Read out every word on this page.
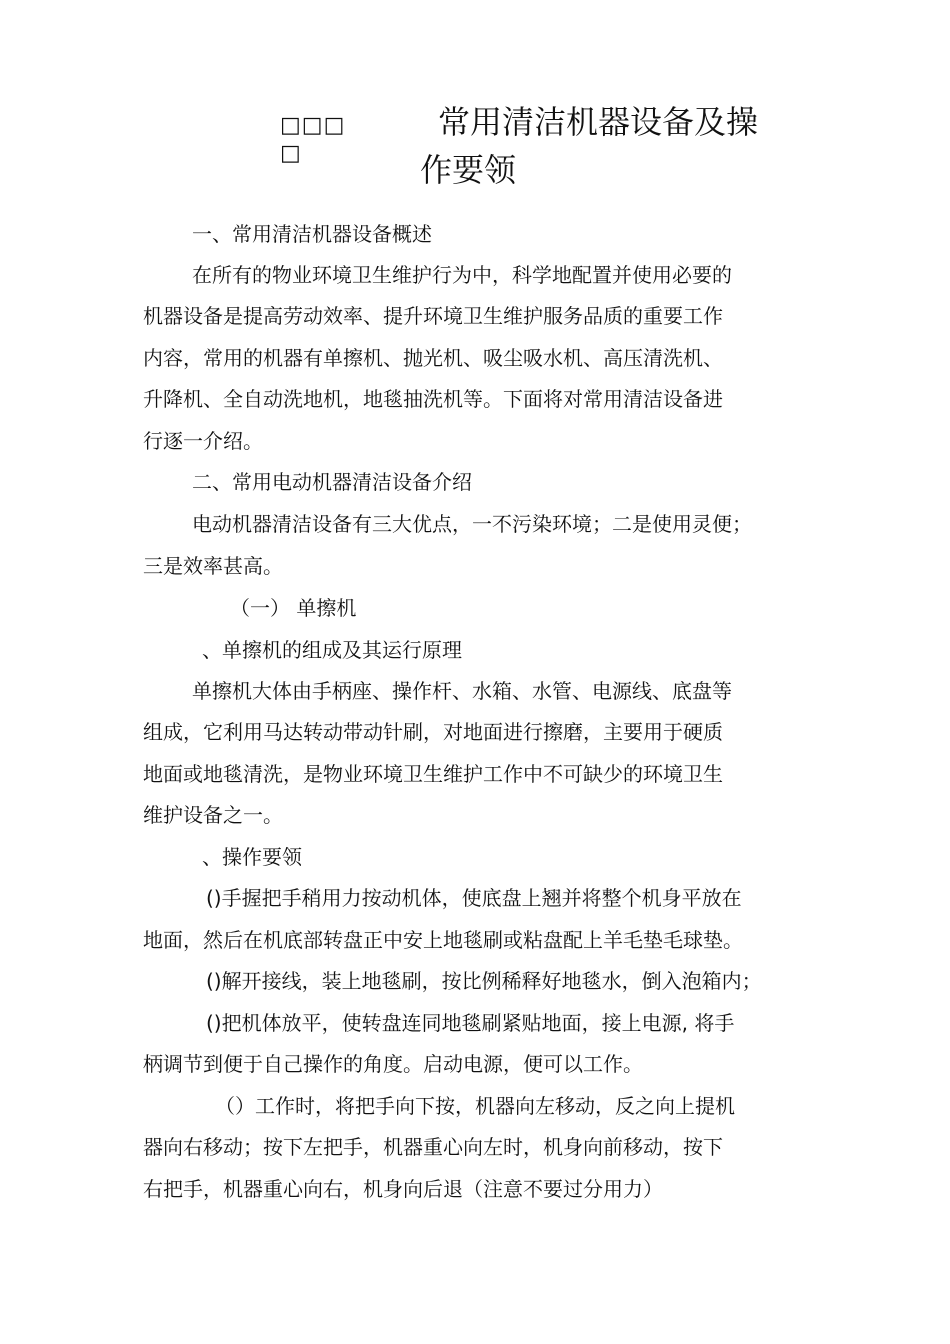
□□□□
常用清洁机器设备及操
作要领
一、常用清洁机器设备概述
在所有的物业环境卫生维护行为中，科学地配置并使用必要的
机器设备是提高劳动效率、提升环境卫生维护服务品质的重要工作
内容，常用的机器有单擦机、抛光机、吸尘吸水机、高压清洗机、
升降机、全自动洗地机，地毯抽洗机等。下面将对常用清洁设备进
行逐一介绍。
二、常用电动机器清洁设备介绍
电动机器清洁设备有三大优点，一不污染环境；二是使用灵便；
三是效率甚高。
（一） 单擦机
、单擦机的组成及其运行原理
单擦机大体由手柄座、操作杆、水箱、水管、电源线、底盘等
组成，它利用马达转动带动针刷，对地面进行擦磨，主要用于硬质
地面或地毯清洗，是物业环境卫生维护工作中不可缺少的环境卫生
维护设备之一。
、操作要领
()手握把手稍用力按动机体，使底盘上翘并将整个机身平放在
地面，然后在机底部转盘正中安上地毯刷或粘盘配上羊毛垫毛球垫。
()解开接线，装上地毯刷，按比例稀释好地毯水，倒入泡箱内；
()把机体放平，使转盘连同地毯刷紧贴地面，接上电源, 将手
柄调节到便于自己操作的角度。启动电源，便可以工作。
（）工作时，将把手向下按，机器向左移动，反之向上提机
器向右移动；按下左把手，机器重心向左时，机身向前移动，按下
右把手，机器重心向右，机身向后退（注意不要过分用力）
